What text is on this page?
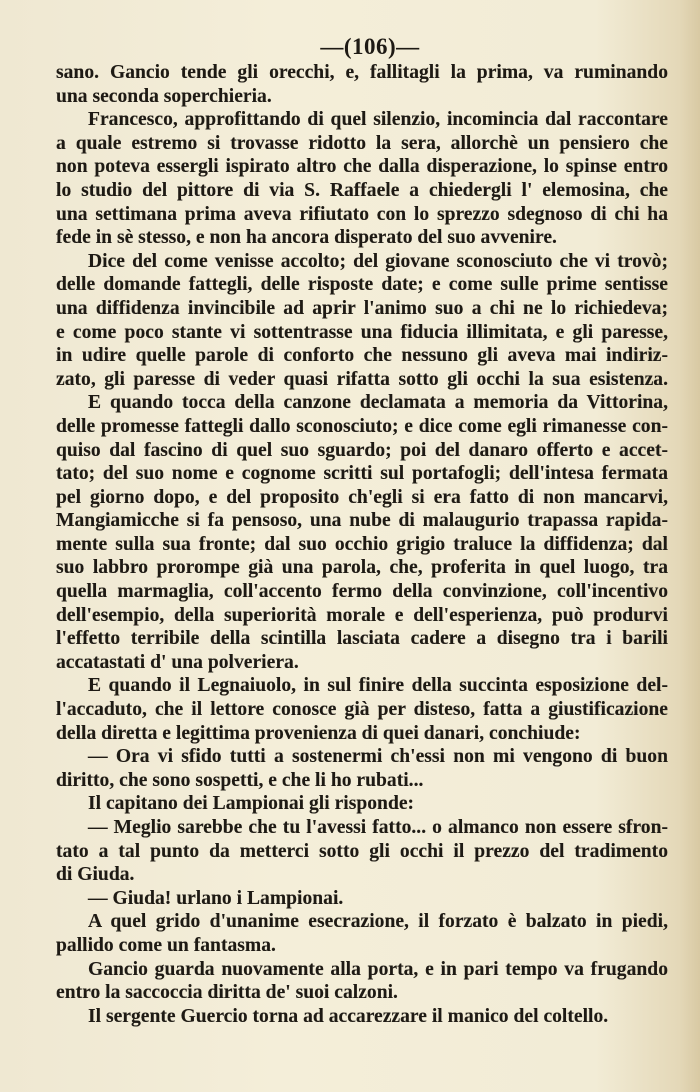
—(106)—
sano. Gancio tende gli orecchi, e, fallitagli la prima, va ruminando
una seconda soperchieria.
Francesco, approfittando di quel silenzio, incomincia dal raccontare
a quale estremo si trovasse ridotto la sera, allorchè un pensiero che
non poteva essergli ispirato altro che dalla disperazione, lo spinse entro
lo studio del pittore di via S. Raffaele a chiedergli l' elemosina, che
una settimana prima aveva rifiutato con lo sprezzo sdegnoso di chi ha
fede in sè stesso, e non ha ancora disperato del suo avvenire.
Dice del come venisse accolto; del giovane sconosciuto che vi trovò;
delle domande fattegli, delle risposte date; e come sulle prime sentisse
una diffidenza invincibile ad aprir l'animo suo a chi ne lo richiedeva;
e come poco stante vi sottentrasse una fiducia illimitata, e gli paresse,
in udire quelle parole di conforto che nessuno gli aveva mai indiriz-
zato, gli paresse di veder quasi rifatta sotto gli occhi la sua esistenza.
E quando tocca della canzone declamata a memoria da Vittorina,
delle promesse fattegli dallo sconosciuto; e dice come egli rimanesse con-
quiso dal fascino di quel suo sguardo; poi del danaro offerto e accet-
tato; del suo nome e cognome scritti sul portafogli; dell'intesa fermata
pel giorno dopo, e del proposito ch'egli si era fatto di non mancarvi,
Mangiamicche si fa pensoso, una nube di malaugurio trapassa rapida-
mente sulla sua fronte; dal suo occhio grigio traluce la diffidenza; dal
suo labbro prorompe già una parola, che, proferita in quel luogo, tra
quella marmaglia, coll'accento fermo della convinzione, coll'incentivo
dell'esempio, della superiorità morale e dell'esperienza, può produrvi
l'effetto terribile della scintilla lasciata cadere a disegno tra i barili
accatastati d' una polveriera.
E quando il Legnaiuolo, in sul finire della succinta esposizione del-
l'accaduto, che il lettore conosce già per disteso, fatta a giustificazione
della diretta e legittima provenienza di quei danari, conchiude:
— Ora vi sfido tutti a sostenermi ch'essi non mi vengono di buon
diritto, che sono sospetti, e che li ho rubati...
Il capitano dei Lampionai gli risponde:
— Meglio sarebbe che tu l'avessi fatto... o almanco non essere sfron-
tato a tal punto da metterci sotto gli occhi il prezzo del tradimento
di Giuda.
— Giuda! urlano i Lampionai.
A quel grido d'unanime esecrazione, il forzato è balzato in piedi,
pallido come un fantasma.
Gancio guarda nuovamente alla porta, e in pari tempo va frugando
entro la saccoccia diritta de' suoi calzoni.
Il sergente Guercio torna ad accarezzare il manico del coltello.
